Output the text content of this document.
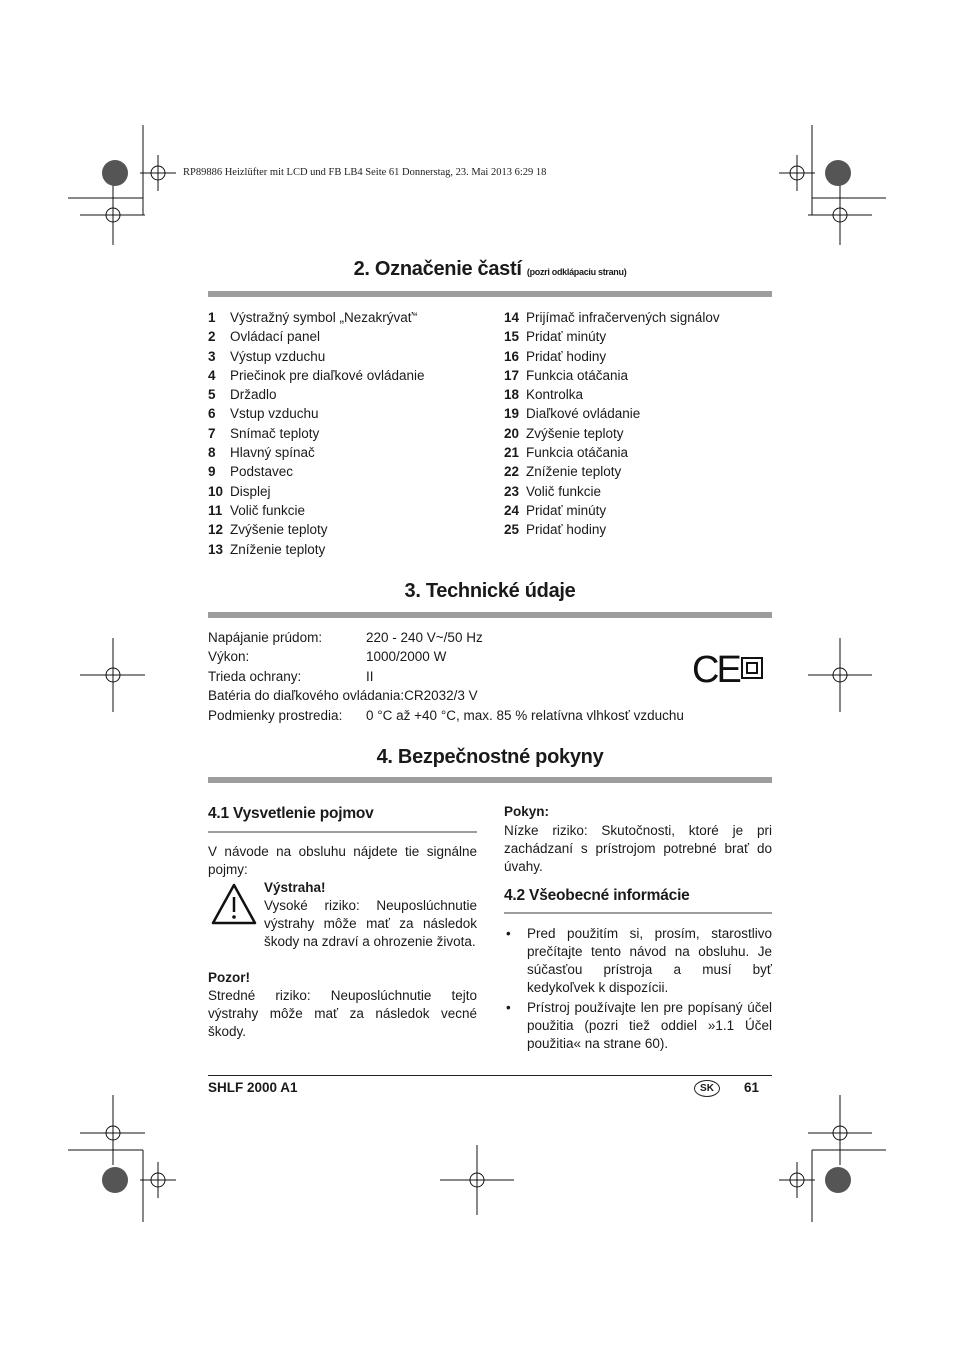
RP89886 Heizlüfter mit LCD und FB LB4 Seite 61 Donnerstag, 23. Mai 2013 6:29 18
2. Označenie častí (pozri odklápaciu stranu)
1 Výstražný symbol „Nezakrývať“
2 Ovládací panel
3 Výstup vzduchu
4 Priečinok pre diaľkové ovládanie
5 Držadlo
6 Vstup vzduchu
7 Snímač teploty
8 Hlavný spínač
9 Podstavec
10 Displej
11 Volič funkcie
12 Zvýšenie teploty
13 Zníženie teploty
14 Prijímač infračervených signálov
15 Pridať minúty
16 Pridať hodiny
17 Funkcia otáčania
18 Kontrolka
19 Diaľkové ovládanie
20 Zvýšenie teploty
21 Funkcia otáčania
22 Zníženie teploty
23 Volič funkcie
24 Pridať minúty
25 Pridať hodiny
3. Technické údaje
Napájanie prúdom:	220 - 240 V~/50 Hz
Výkon:	1000/2000 W
Trieda ochrany:	II
Batéria do diaľkového ovládania:CR2032/3 V
Podmienky prostredia: 0 °C až +40 °C, max. 85 % relatívna vlhkosť vzduchu
CE
4. Bezpečnostné pokyny
4.1 Vysvetlenie pojmov
V návode na obsluhu nájdete tie signálne pojmy:
Výstraha!
Vysoké riziko: Neuposlúchnutie výstrahy môže mať za následok škody na zdraví a ohrozenie života.
Pozor!
Stredné riziko: Neuposlúchnutie tejto výstrahy môže mať za následok vecné škody.
Pokyn:
Nízke riziko: Skutočnosti, ktoré je pri zachádzaní s prístrojom potrebné brať do úvahy.
4.2 Všeobecné informácie
• Pred použitím si, prosím, starostlivo prečítajte tento návod na obsluhu. Je súčasťou prístroja a musí byť kedykoľvek k dispozícii.
• Prístroj používajte len pre popísaný účel použitia (pozri tiež oddiel »1.1 Účel použitia« na strane 60).
SHLF 2000 A1	SK	61
